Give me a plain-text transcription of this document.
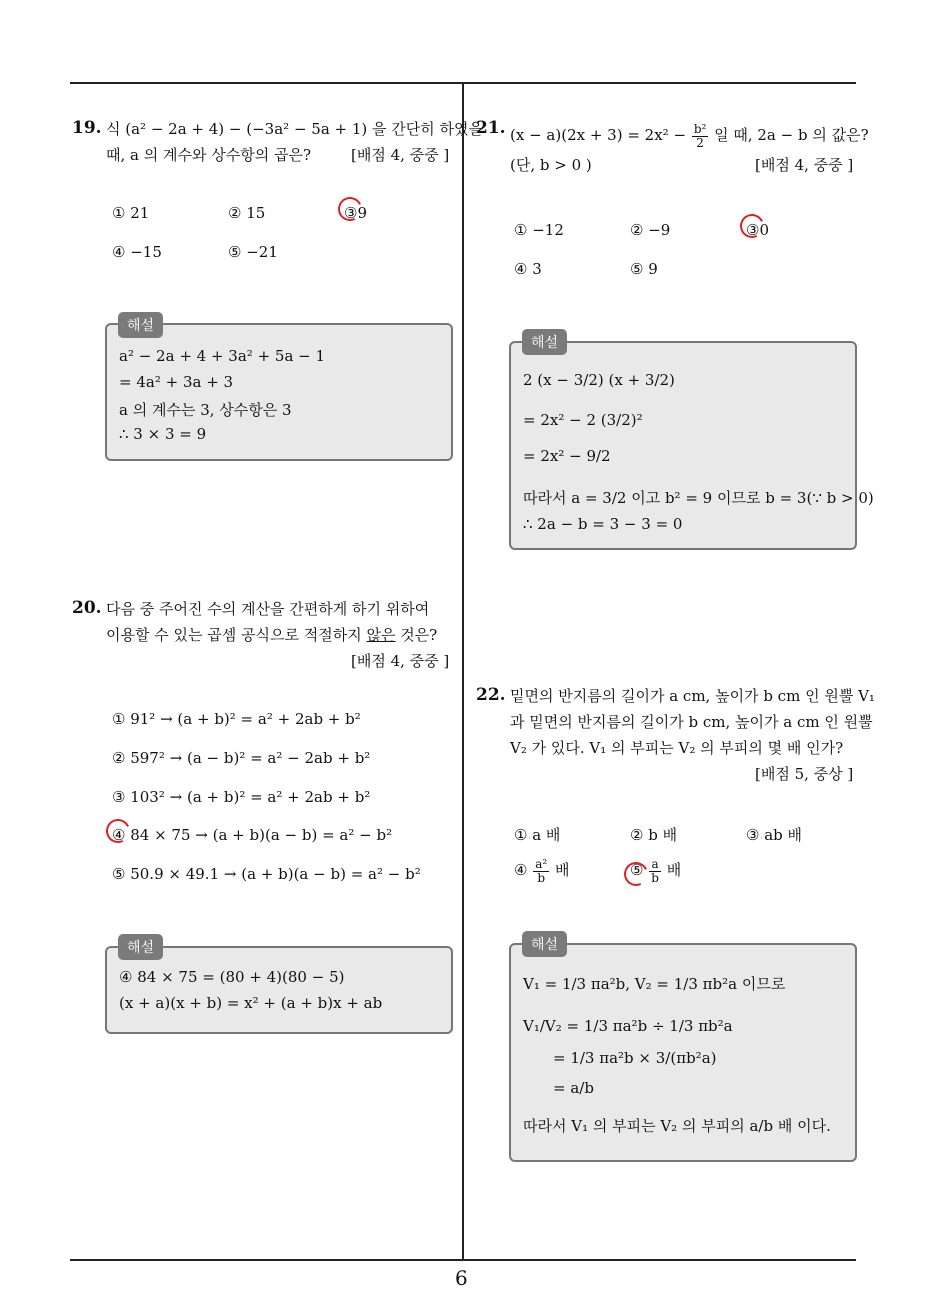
6
19. 식 (a² − 2a + 4) − (−3a² − 5a + 1) 을 간단히 하였을
때, a 의 계수와 상수항의 곱은?	[배점 4, 중중 ]
① 21	② 15	③9
④ −15	⑤ −21
a² − 2a + 4 + 3a² + 5a − 1
= 4a² + 3a + 3
a 의 계수는 3, 상수항은 3
∴ 3 × 3 = 9
해설
20. 다음 중 주어진 수의 계산을 간편하게 하기 위하여
이용할 수 있는 곱셈 공식으로 적절하지 않은 것은?
[배점 4, 중중 ]
① 91² → (a + b)² = a² + 2ab + b²
② 597² → (a − b)² = a² − 2ab + b²
③ 103² → (a + b)² = a² + 2ab + b²
④ 84 × 75 → (a + b)(a − b) = a² − b²
⑤ 50.9 × 49.1 → (a + b)(a − b) = a² − b²
④ 84 × 75 = (80 + 4)(80 − 5)
(x + a)(x + b) = x² + (a + b)x + ab
해설
21. $(x - a)(2x + 3) = 2x^2 - \frac{\text{b²}}{2}$ 일 때, 2a − b 의 값은?
(단, b > 0 )	[배점 4, 중중 ]
① −12	② −9	③0
④ 3	⑤ 9
2 (x − 3/2) (x + 3/2)
= 2x² − 2 (3/2)²
= 2x² − 9/2
따라서 a = 3/2 이고 b² = 9 이므로 b = 3(∵ b > 0)
∴ 2a − b = 3 − 3 = 0
해설
22. 밑면의 반지름의 길이가 a cm, 높이가 b cm 인 원뿔 V₁
과 밑면의 반지름의 길이가 b cm, 높이가 a cm 인 원뿔
V₂ 가 있다. V₁ 의 부피는 V₂ 의 부피의 몇 배 인가?
[배점 5, 중상 ]
① a 배	② b 배	③ ab 배
④ $\frac{\text{a²}}{b}$ 배	⑤ $\frac{a}{b}$ 배
V₁ = 1/3 πa²b, V₂ = 1/3 πb²a 이므로
V₁/V₂ = 1/3 πa²b ÷ 1/3 πb²a
= 1/3 πa²b × 3/(πb²a)
= a/b
따라서 V₁ 의 부피는 V₂ 의 부피의 a/b 배 이다.
해설
